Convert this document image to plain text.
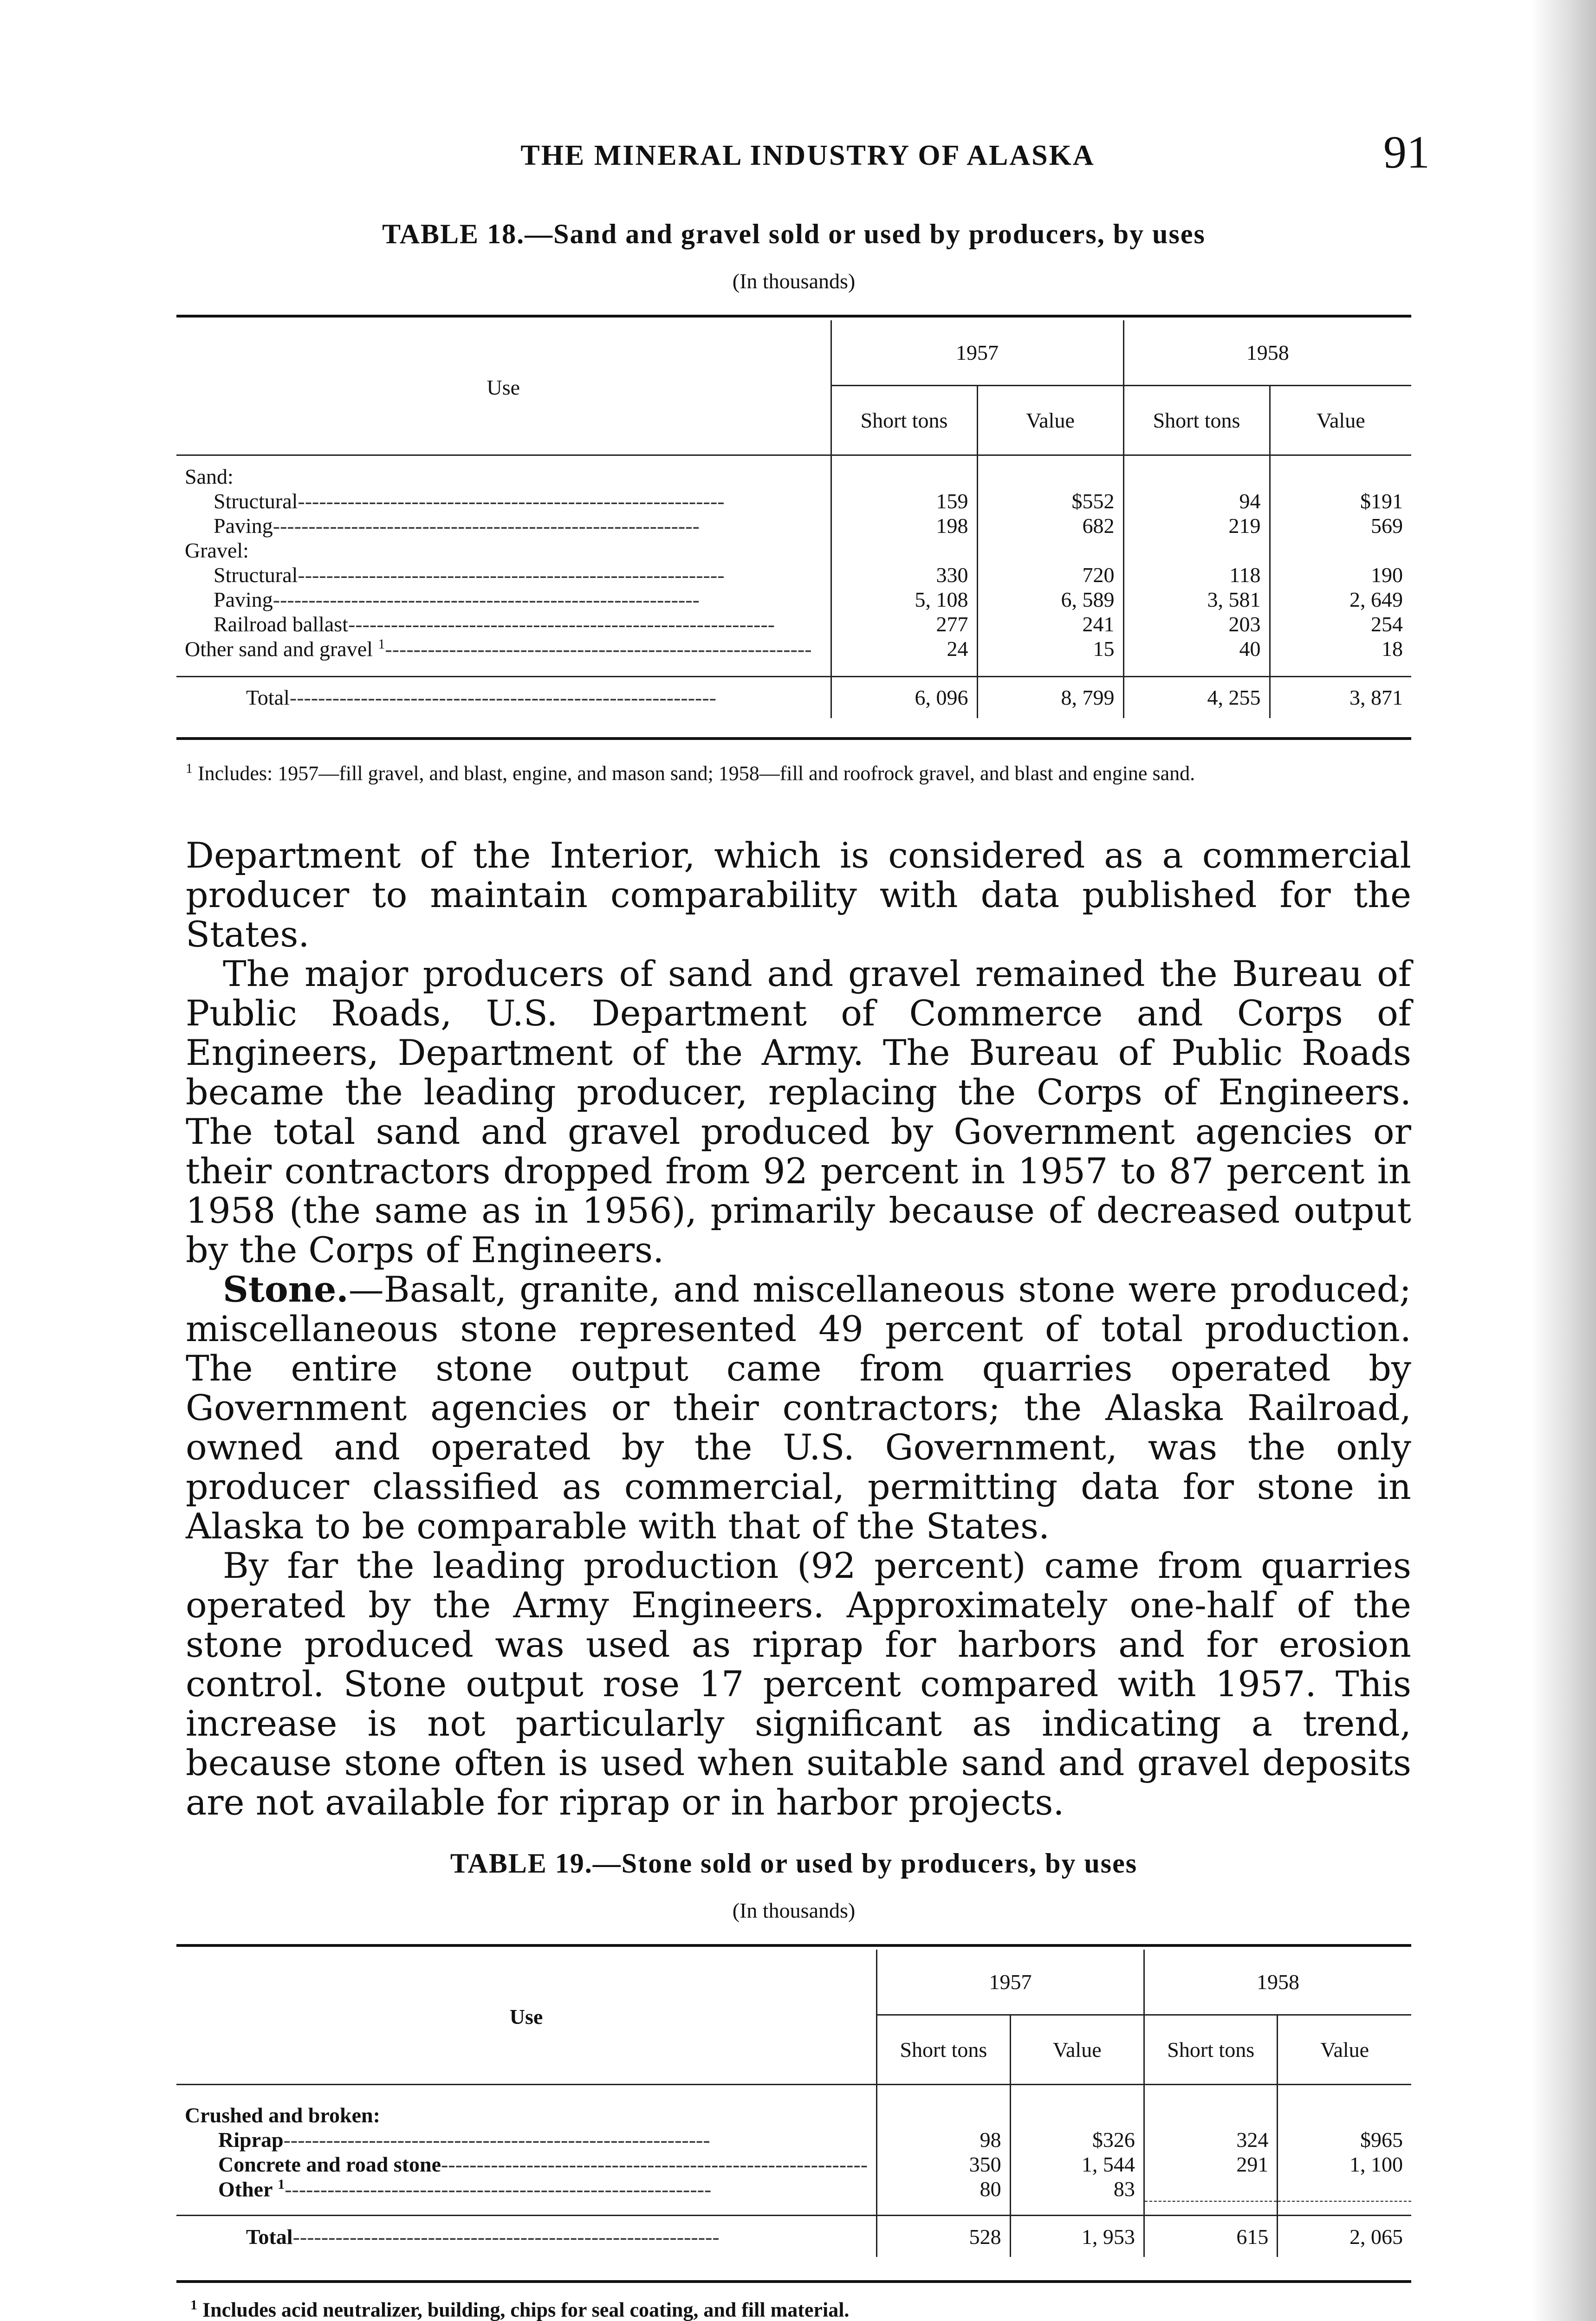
THE MINERAL INDUSTRY OF ALASKA	91
TABLE 18.—Sand and gravel sold or used by producers, by uses
(In thousands)
Use	1957		1958	
	Short tons	Value	Short tons	Value

Sand:				
Structural------------------------------------------------------------	159	$552	94	$191
Paving------------------------------------------------------------	198	682	219	569
Gravel:				
Structural------------------------------------------------------------	330	720	118	190
Paving------------------------------------------------------------	5, 108	6, 589	3, 581	2, 649
Railroad ballast------------------------------------------------------------	277	241	203	254
Other sand and gravel $^1$------------------------------------------------------------	24	15	40	18

Total------------------------------------------------------------	6, 096	8, 799	4, 255	3, 871
$^1$ Includes: 1957—fill gravel, and blast, engine, and mason sand; 1958—fill and roofrock gravel, and blast and engine sand.

Department of the Interior, which is considered as a commercial producer to maintain comparability with data published for the States.

The major producers of sand and gravel remained the Bureau of Public Roads, U.S. Department of Commerce and Corps of Engineers, Department of the Army. The Bureau of Public Roads became the leading producer, replacing the Corps of Engineers. The total sand and gravel produced by Government agencies or their contractors dropped from 92 percent in 1957 to 87 percent in 1958 (the same as in 1956), primarily because of decreased output by the Corps of Engineers.

Stone.—Basalt, granite, and miscellaneous stone were produced; miscellaneous stone represented 49 percent of total production. The entire stone output came from quarries operated by Government agencies or their contractors; the Alaska Railroad, owned and operated by the U.S. Government, was the only producer classified as commercial, permitting data for stone in Alaska to be comparable with that of the States.

By far the leading production (92 percent) came from quarries operated by the Army Engineers. Approximately one-half of the stone produced was used as riprap for harbors and for erosion control. Stone output rose 17 percent compared with 1957. This increase is not particularly significant as indicating a trend, because stone often is used when suitable sand and gravel deposits are not available for riprap or in harbor projects.

TABLE 19.—Stone sold or used by producers, by uses
(In thousands)
Use	1957		1958	
	Short tons	Value	Short tons	Value

Crushed and broken:				
Riprap------------------------------------------------------------	98	$326	324	$965
Concrete and road stone------------------------------------------------------------	350	1, 544	291	1, 100
Other $^1$------------------------------------------------------------	80	83		

Total------------------------------------------------------------	528	1, 953	615	2, 065
$^1$ Includes acid neutralizer, building, chips for seal coating, and fill material.
